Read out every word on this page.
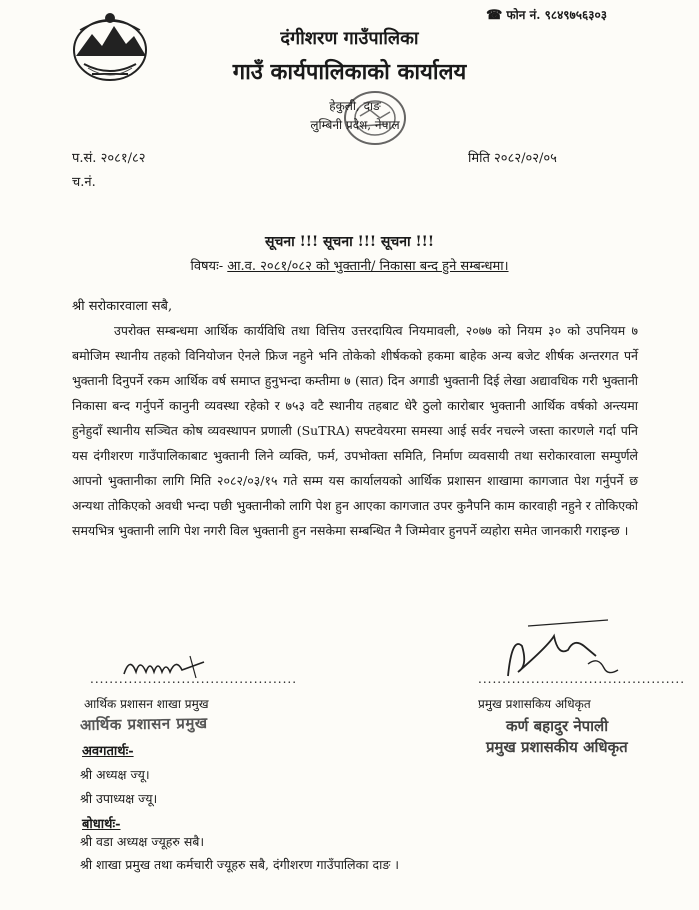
☎ फोन नं. ९८४९७५६३०३
दंगीशरण गाउँपालिका
गाउँ कार्यपालिकाको कार्यालय
हेकुली, दाङ
लुम्बिनी प्रदेश, नेपाल
प.सं. २०८१/८२
च.नं.
मिति २०८२/०२/०५
सूचना !!! सूचना !!! सूचना !!!
विषयः- आ.व. २०८१/०८२ को भुक्तानी/ निकासा बन्द हुने सम्बन्धमा।
श्री सरोकारवाला सबै,
उपरोक्त सम्बन्धमा आर्थिक कार्यविधि तथा वित्तिय उत्तरदायित्व नियमावली, २०७७ को नियम ३० को उपनियम ७ बमोजिम स्थानीय तहको विनियोजन ऐनले फ्रिज नहुने भनि तोकेको शीर्षकको हकमा बाहेक अन्य बजेट शीर्षक अन्तरगत पर्ने भुक्तानी दिनुपर्ने रकम आर्थिक वर्ष समाप्त हुनुभन्दा कम्तीमा ७ (सात) दिन अगाडी भुक्तानी दिई लेखा अद्यावधिक गरी भुक्तानी निकासा बन्द गर्नुपर्ने कानुनी व्यवस्था रहेको र ७५३ वटै स्थानीय तहबाट धेरै ठुलो कारोबार भुक्तानी आर्थिक वर्षको अन्त्यमा हुनेहुदाँ स्थानीय सञ्चित कोष व्यवस्थापन प्रणाली (SuTRA) सफ्टवेयरमा समस्या आई सर्वर नचल्ने जस्ता कारणले गर्दा पनि यस दंगीशरण गाउँपालिकाबाट भुक्तानी लिने व्यक्ति, फर्म, उपभोक्ता समिति, निर्माण व्यवसायी तथा सरोकारवाला सम्पुर्णले आपनो भुक्तानीका लागि मिति २०८२/०३/१५ गते सम्म यस कार्यालयको आर्थिक प्रशासन शाखामा कागजात पेश गर्नुपर्ने छ अन्यथा तोकिएको अवधी भन्दा पछी भुक्तानीको लागि पेश हुन आएका कागजात उपर कुनैपनि काम कारवाही नहुने र तोकिएको समयभित्र भुक्तानी लागि पेश नगरी विल भुक्तानी हुन नसकेमा सम्बन्धित नै जिम्मेवार हुनपर्ने व्यहोरा समेत जानकारी गराइन्छ ।
...........................................	...........................................
आर्थिक प्रशासन शाखा प्रमुख	प्रमुख प्रशासकिय अधिकृत
आर्थिक प्रशासन प्रमुख	कर्ण बहादुर नेपाली
प्रमुख प्रशासकीय अधिकृत
अवगतार्थः-
श्री अध्यक्ष ज्यू।
श्री उपाध्यक्ष ज्यू।
बोधार्थः-
श्री वडा अध्यक्ष ज्यूहरु सबै।
श्री शाखा प्रमुख तथा कर्मचारी ज्यूहरु सबै, दंगीशरण गाउँपालिका दाङ ।
